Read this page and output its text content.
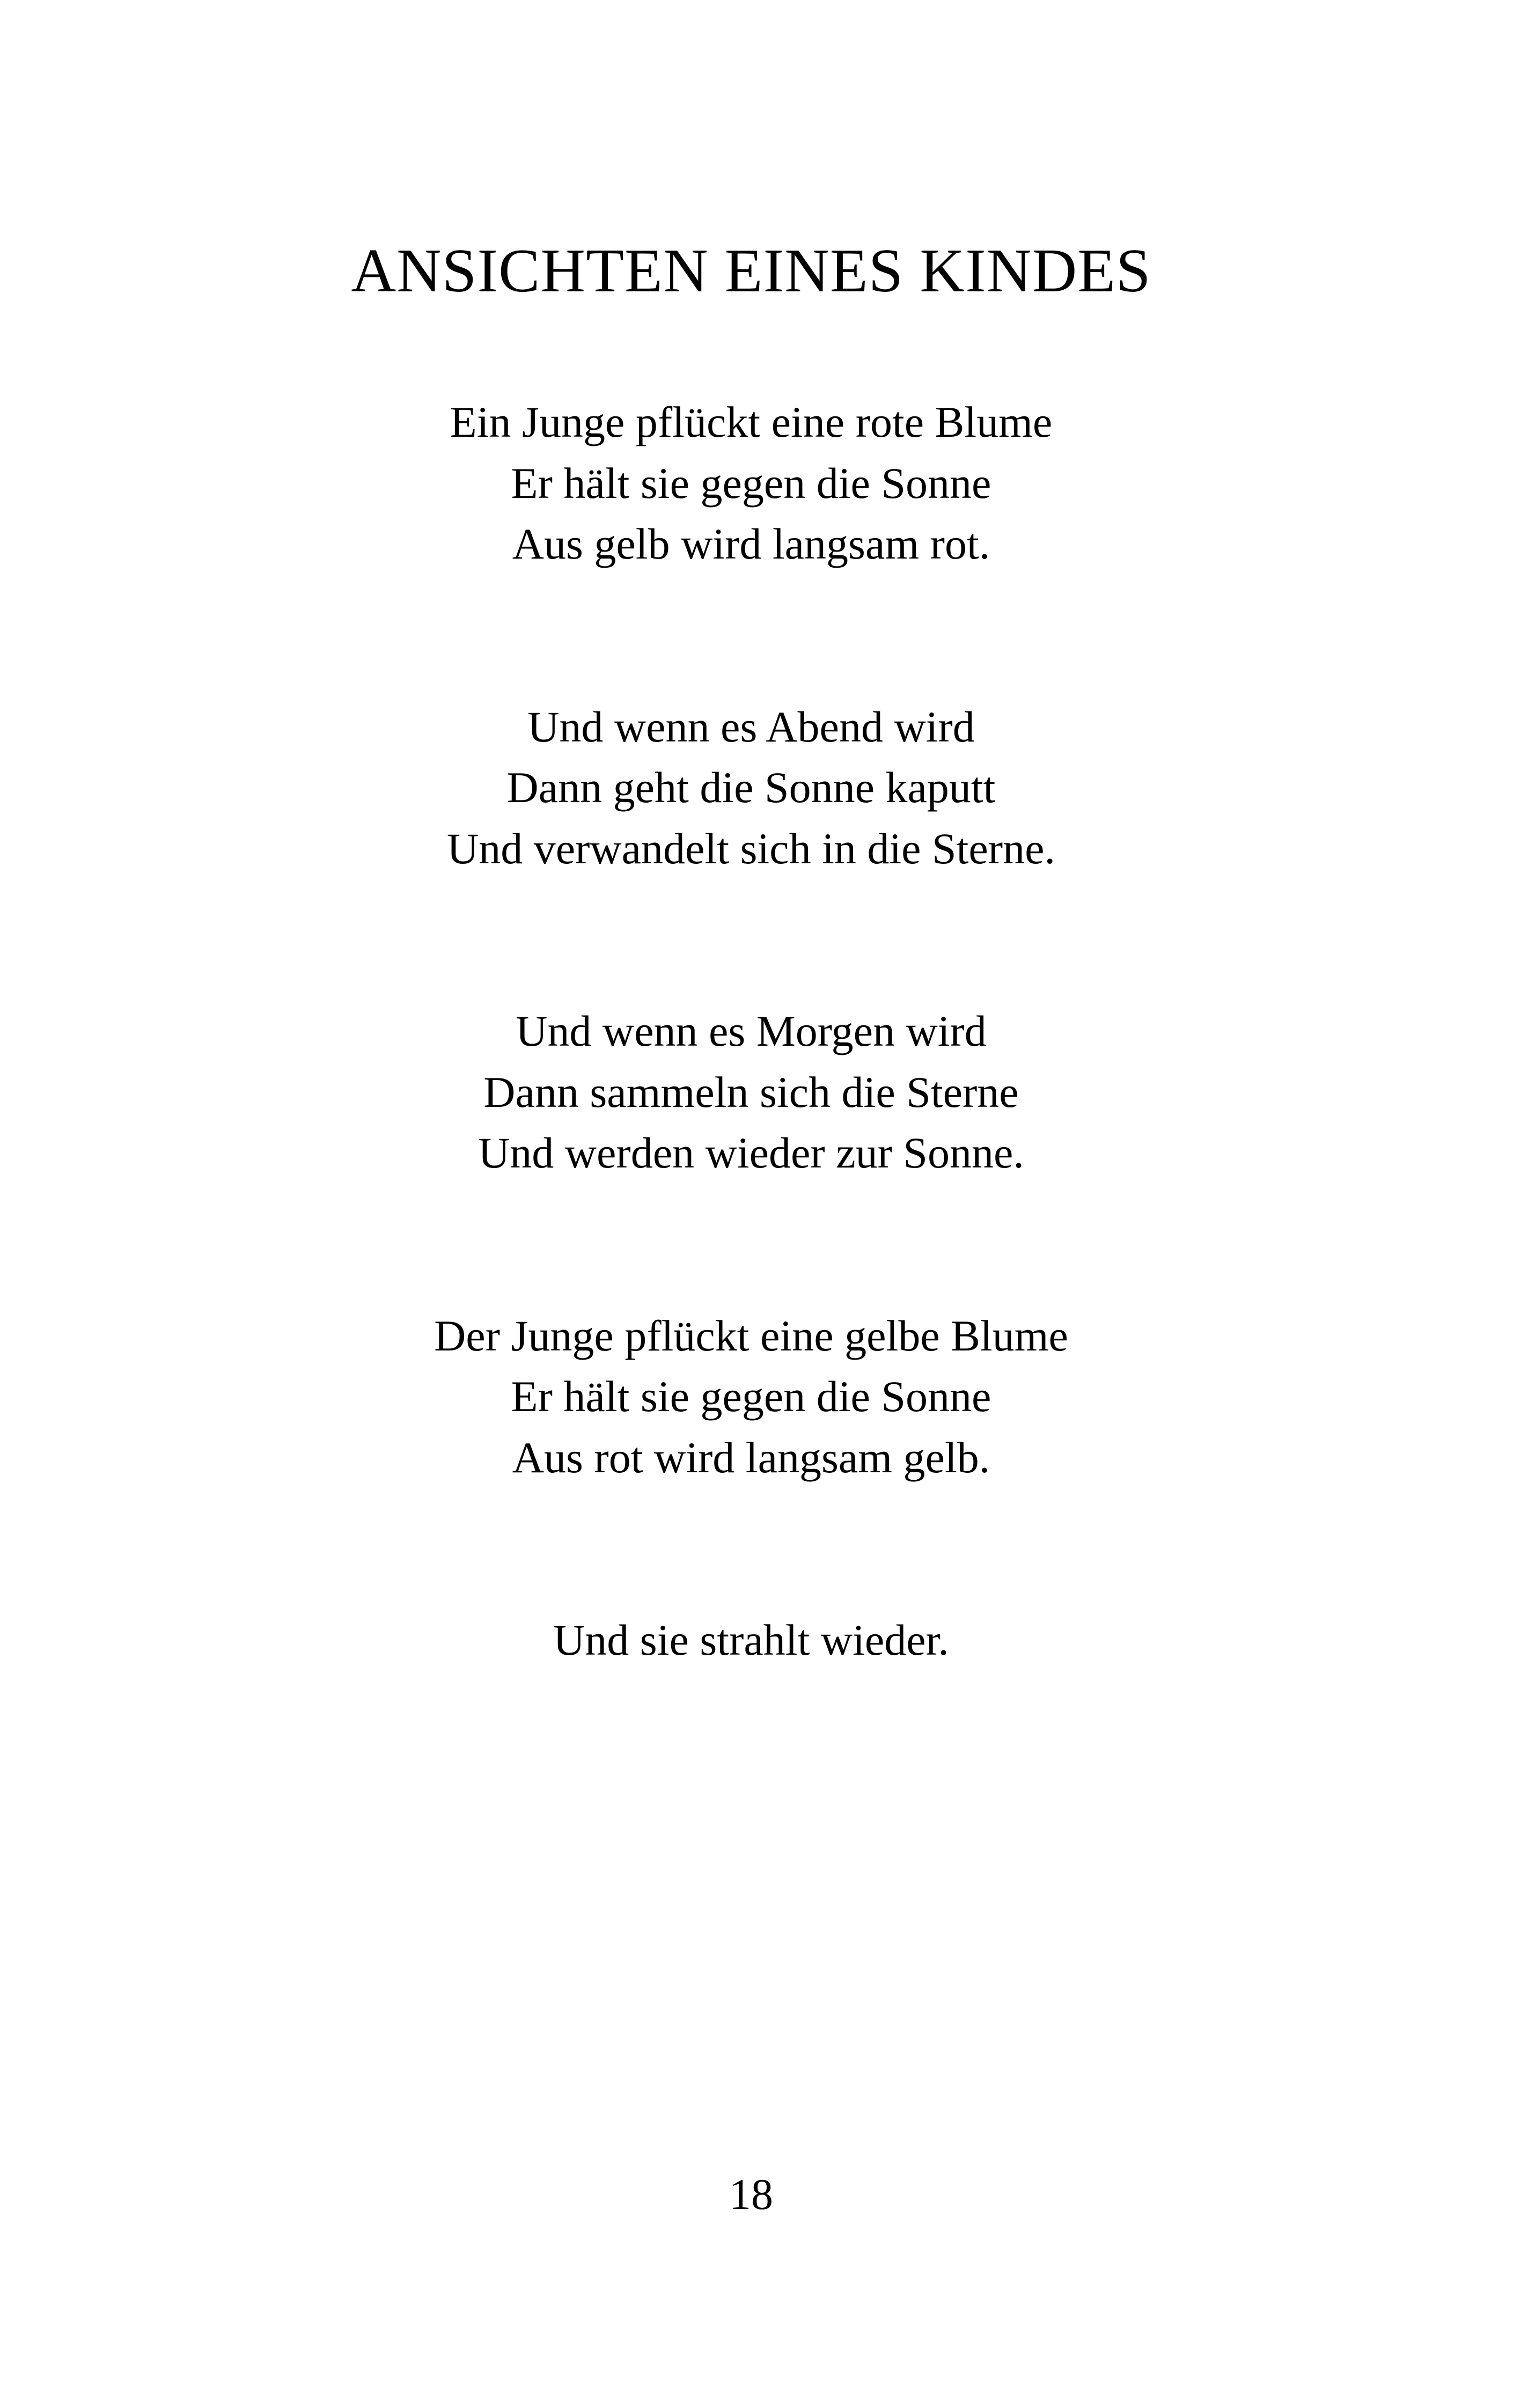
ANSICHTEN EINES KINDES

Ein Junge pflückt eine rote Blume
Er hält sie gegen die Sonne
Aus gelb wird langsam rot.

Und wenn es Abend wird
Dann geht die Sonne kaputt
Und verwandelt sich in die Sterne.

Und wenn es Morgen wird
Dann sammeln sich die Sterne
Und werden wieder zur Sonne.

Der Junge pflückt eine gelbe Blume
Er hält sie gegen die Sonne
Aus rot wird langsam gelb.

Und sie strahlt wieder.

18
